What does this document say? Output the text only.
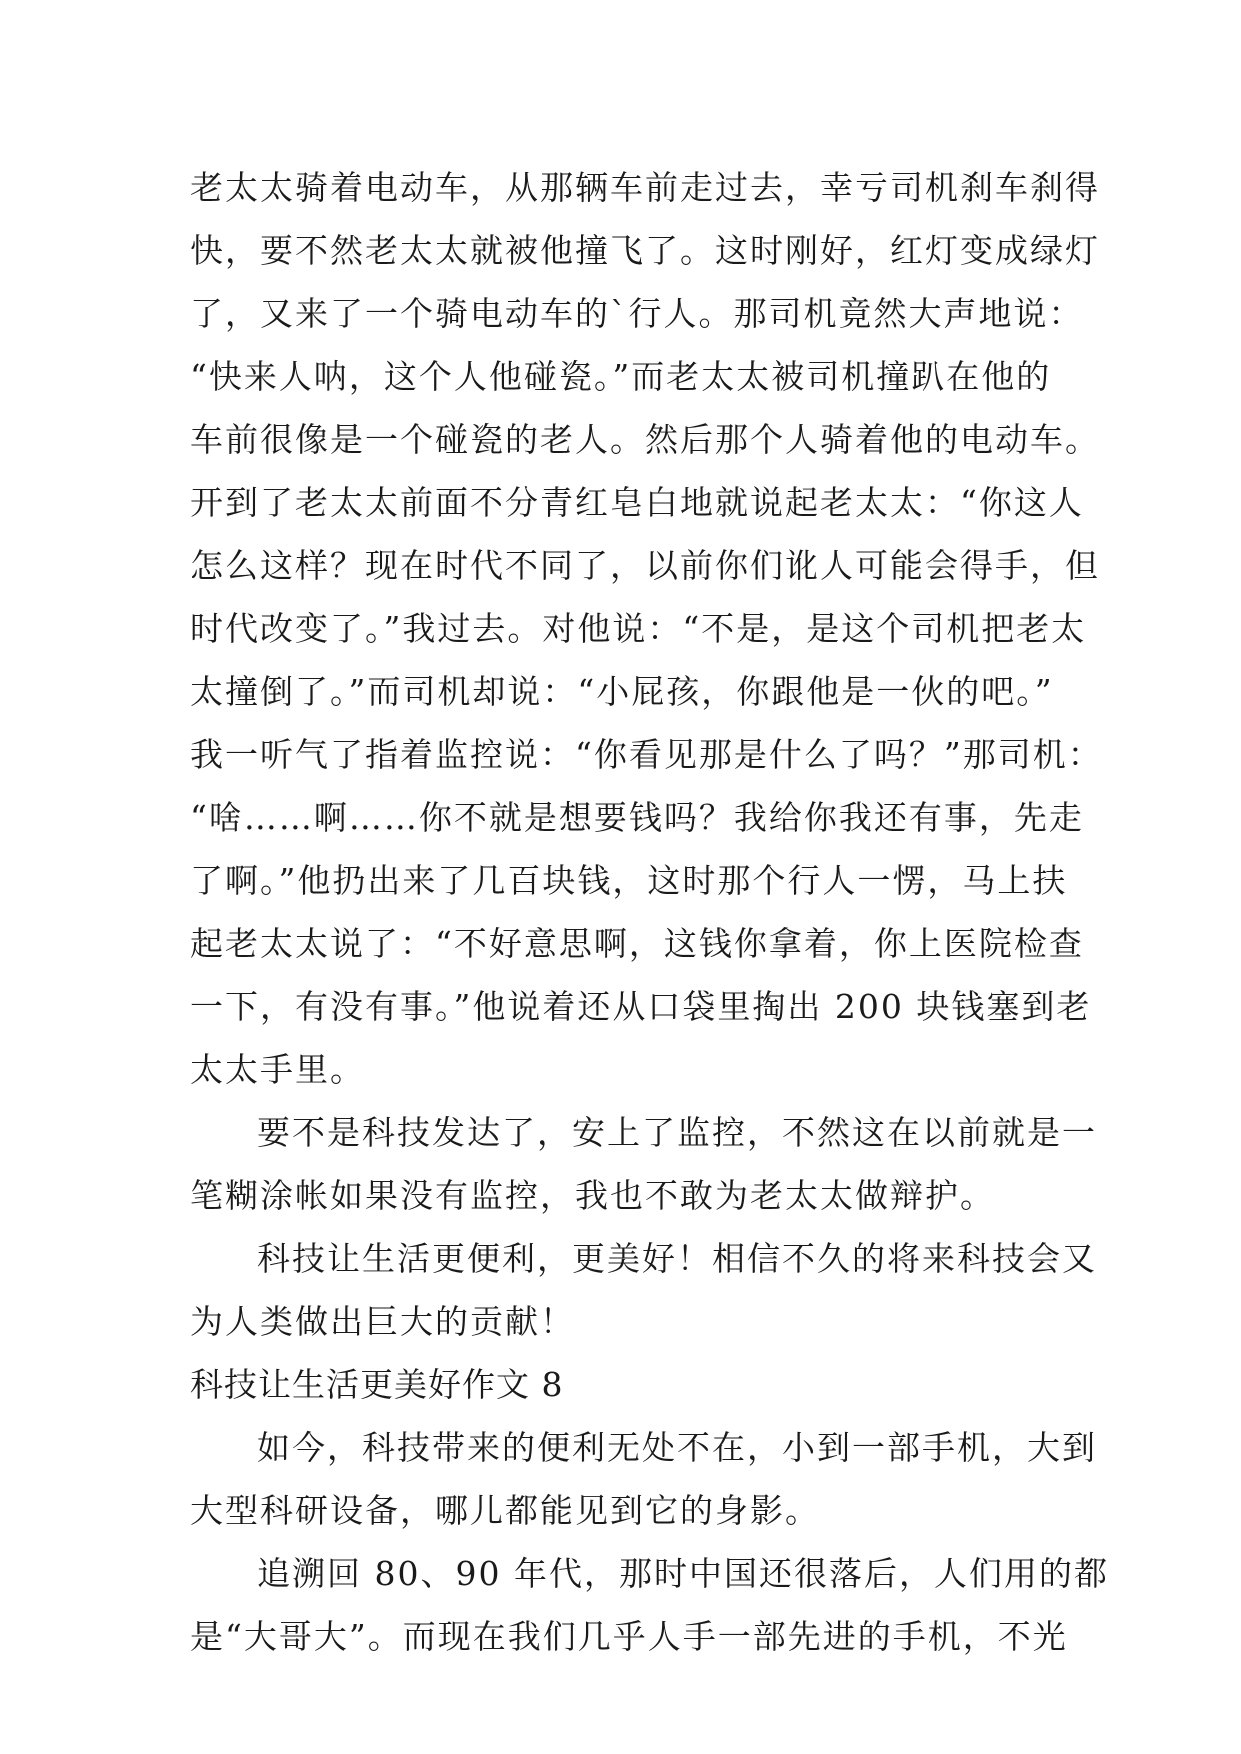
老太太骑着电动车，从那辆车前走过去，幸亏司机刹车刹得
快，要不然老太太就被他撞飞了。这时刚好，红灯变成绿灯
了，又来了一个骑电动车的`行人。那司机竟然大声地说：
“快来人呐，这个人他碰瓷。”而老太太被司机撞趴在他的
车前很像是一个碰瓷的老人。然后那个人骑着他的电动车。
开到了老太太前面不分青红皂白地就说起老太太：“你这人
怎么这样？现在时代不同了，以前你们讹人可能会得手，但
时代改变了。”我过去。对他说：“不是，是这个司机把老太
太撞倒了。”而司机却说：“小屁孩，你跟他是一伙的吧。”
我一听气了指着监控说：“你看见那是什么了吗？”那司机：
“啥……啊……你不就是想要钱吗？我给你我还有事，先走
了啊。”他扔出来了几百块钱，这时那个行人一愣，马上扶
起老太太说了：“不好意思啊，这钱你拿着，你上医院检查
一下，有没有事。”他说着还从口袋里掏出 200 块钱塞到老
太太手里。
要不是科技发达了，安上了监控，不然这在以前就是一
笔糊涂帐如果没有监控，我也不敢为老太太做辩护。
科技让生活更便利，更美好！相信不久的将来科技会又
为人类做出巨大的贡献！
科技让生活更美好作文 8
如今，科技带来的便利无处不在，小到一部手机，大到
大型科研设备，哪儿都能见到它的身影。
追溯回 80、90 年代，那时中国还很落后，人们用的都
是“大哥大”。而现在我们几乎人手一部先进的手机，不光
